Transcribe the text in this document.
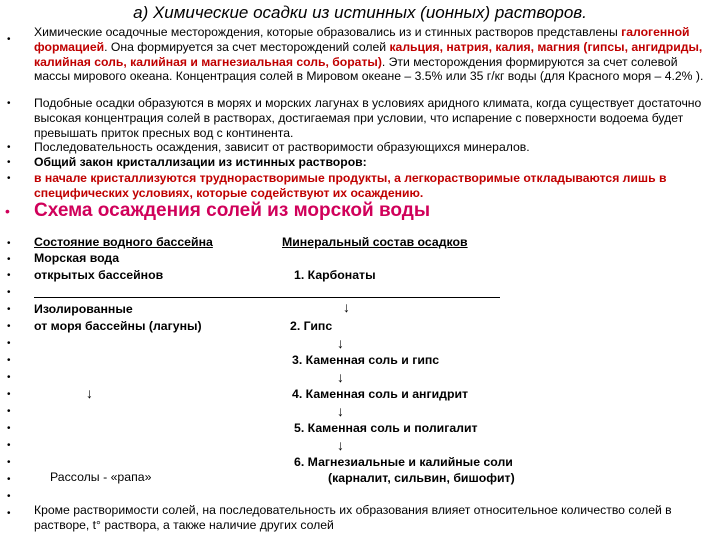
а) Химические осадки из истинных (ионных) растворов.
•
•
•
•
•

Химические осадочные месторождения, которые образовались из и стинных растворов представлены галогенной формацией. Она формируется за счет месторождений солей кальция, натрия, калия, магния (гипсы, ангидриды, калийная соль, калийная и магнезиальная соль, бораты). Эти месторождения формируются за счет солевой массы мирового океана. Концентрация солей в Мировом океане – 3.5% или 35 г/кг воды (для Красного моря – 4.2% ).

Подобные осадки образуются в морях и морских лагунах в условиях аридного климата, когда существует достаточно высокая концентрация солей в растворах, достигаемая при условии, что испарение с поверхности водоема будет превышать приток пресных вод с континента.

Последовательность осаждения, зависит от растворимости образующихся минералов.

Общий закон кристаллизации из истинных растворов:

в начале кристаллизуются труднорастворимые продукты, а легкорастворимые откладываются лишь в специфических условиях, которые содействуют их осаждению.

• Схема осаждения солей из морской воды
•
•
•
•
•
•
•
•
•
•
•
•
•
•
•
•
•
Состояние водного бассейна	Минеральный состав осадков
Морская вода
открытых бассейнов
Изолированные
от моря бассейны (лагуны)
↓
Рассолы - «рапа»
1. Карбонаты
↓
2. Гипс
↓
3. Каменная соль и гипс
↓
4. Каменная соль и ангидрит
↓
5. Каменная соль и полигалит
↓
6. Магнезиальные и калийные соли
(карналит, сильвин, бишофит)
Кроме растворимости солей, на последовательность их образования влияет относительное количество солей в растворе, t° раствора, а также наличие других солей
